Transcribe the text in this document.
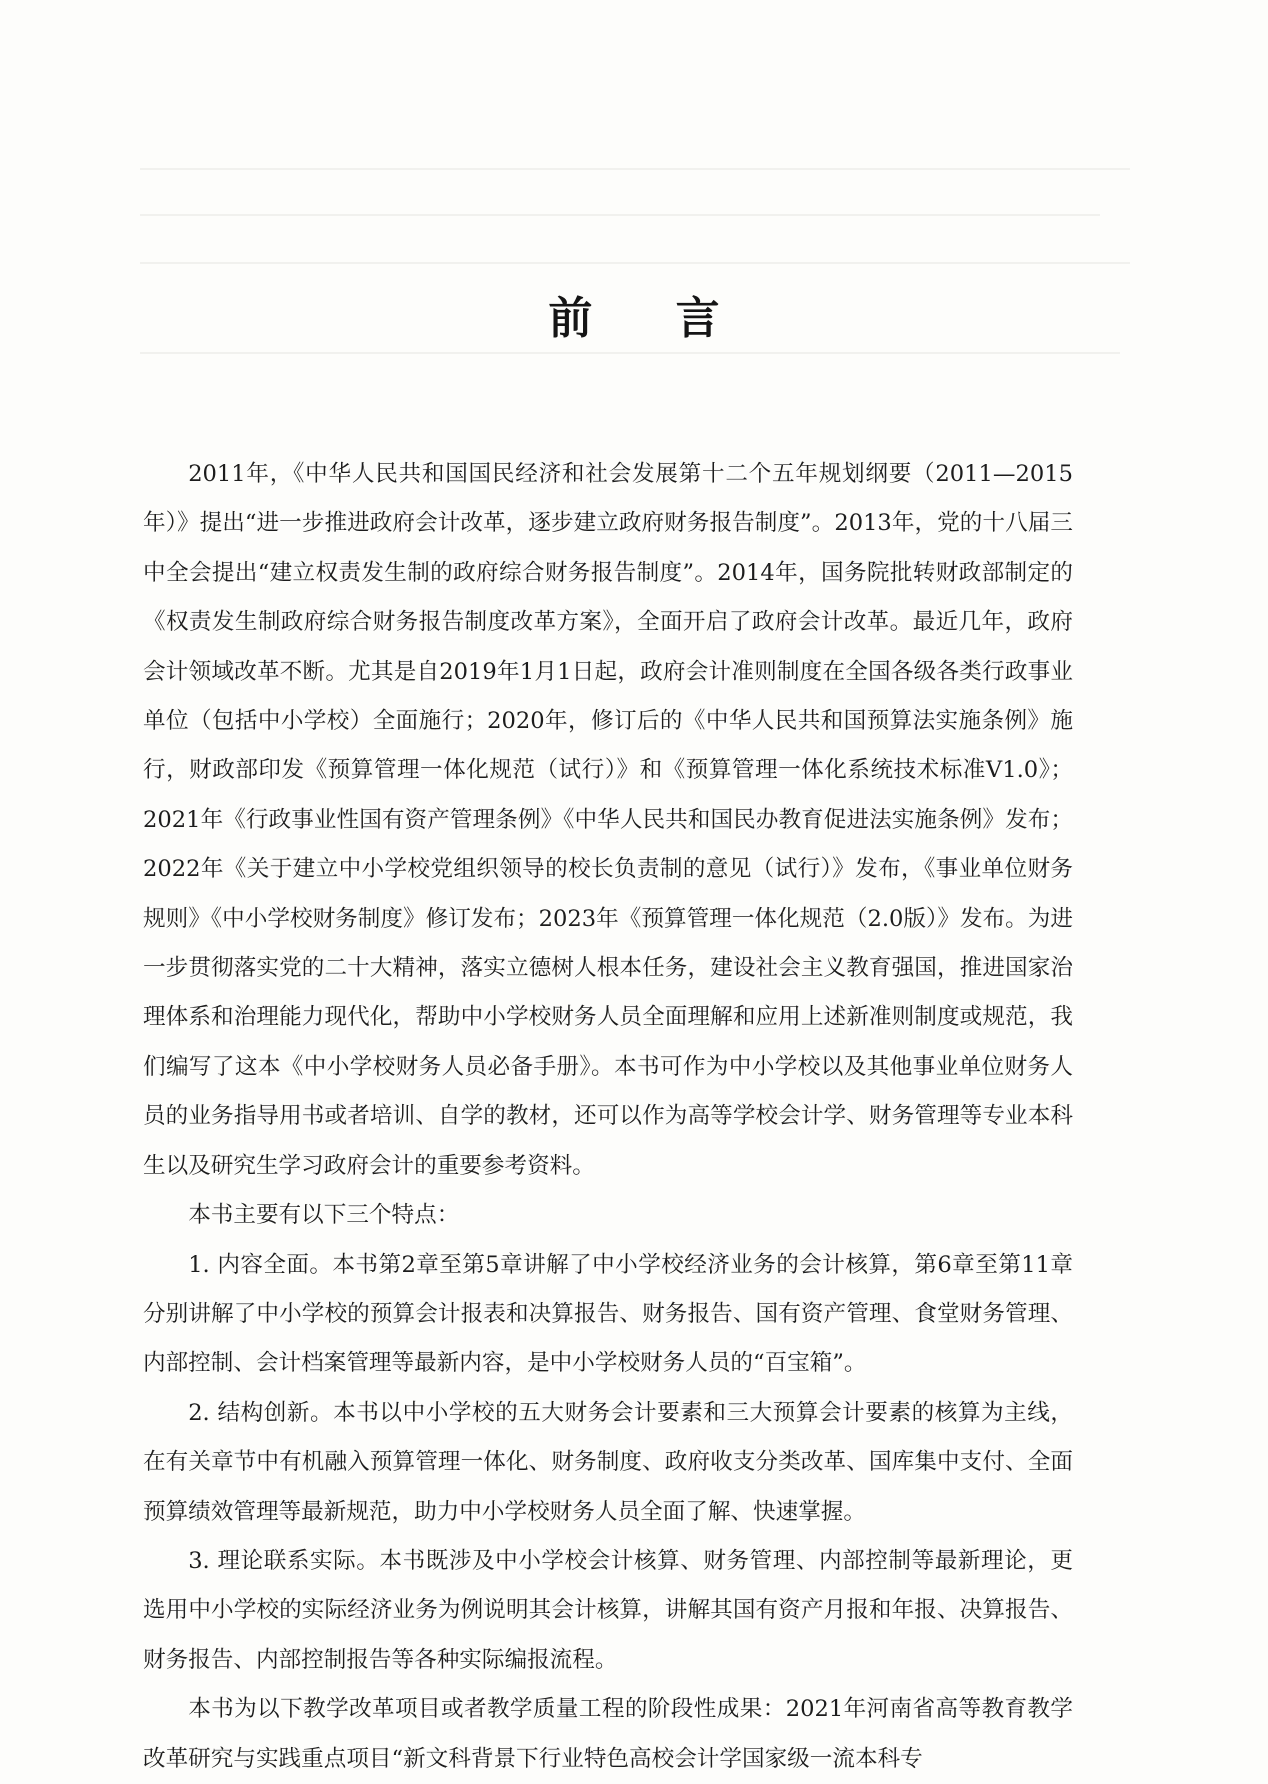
前 言

2011年，《中华人民共和国国民经济和社会发展第十二个五年规划纲要（2011—2015年）》提出“进一步推进政府会计改革，逐步建立政府财务报告制度”。2013年，党的十八届三中全会提出“建立权责发生制的政府综合财务报告制度”。2014年，国务院批转财政部制定的《权责发生制政府综合财务报告制度改革方案》，全面开启了政府会计改革。最近几年，政府会计领域改革不断。尤其是自2019年1月1日起，政府会计准则制度在全国各级各类行政事业单位（包括中小学校）全面施行；2020年，修订后的《中华人民共和国预算法实施条例》施行，财政部印发《预算管理一体化规范（试行）》和《预算管理一体化系统技术标准V1.0》；2021年《行政事业性国有资产管理条例》《中华人民共和国民办教育促进法实施条例》发布；2022年《关于建立中小学校党组织领导的校长负责制的意见（试行）》发布，《事业单位财务规则》《中小学校财务制度》修订发布；2023年《预算管理一体化规范（2.0版）》发布。为进一步贯彻落实党的二十大精神，落实立德树人根本任务，建设社会主义教育强国，推进国家治理体系和治理能力现代化，帮助中小学校财务人员全面理解和应用上述新准则制度或规范，我们编写了这本《中小学校财务人员必备手册》。本书可作为中小学校以及其他事业单位财务人员的业务指导用书或者培训、自学的教材，还可以作为高等学校会计学、财务管理等专业本科生以及研究生学习政府会计的重要参考资料。

本书主要有以下三个特点：

1. 内容全面。本书第2章至第5章讲解了中小学校经济业务的会计核算，第6章至第11章分别讲解了中小学校的预算会计报表和决算报告、财务报告、国有资产管理、食堂财务管理、内部控制、会计档案管理等最新内容，是中小学校财务人员的“百宝箱”。

2. 结构创新。本书以中小学校的五大财务会计要素和三大预算会计要素的核算为主线，在有关章节中有机融入预算管理一体化、财务制度、政府收支分类改革、国库集中支付、全面预算绩效管理等最新规范，助力中小学校财务人员全面了解、快速掌握。

3. 理论联系实际。本书既涉及中小学校会计核算、财务管理、内部控制等最新理论，更选用中小学校的实际经济业务为例说明其会计核算，讲解其国有资产月报和年报、决算报告、财务报告、内部控制报告等各种实际编报流程。

本书为以下教学改革项目或者教学质量工程的阶段性成果：2021年河南省高等教育教学改革研究与实践重点项目“新文科背景下行业特色高校会计学国家级一流本科专
